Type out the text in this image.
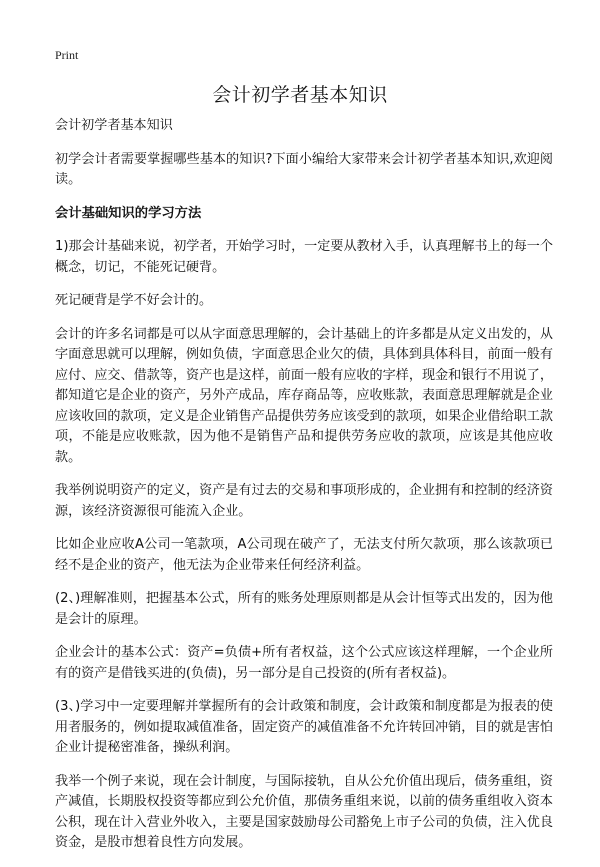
Print
会计初学者基本知识

会计初学者基本知识

初学会计者需要掌握哪些基本的知识?下面小编给大家带来会计初学者基本知识,欢迎阅读。

会计基础知识的学习方法

1)那会计基础来说，初学者，开始学习时，一定要从教材入手，认真理解书上的每一个概念，切记，不能死记硬背。

死记硬背是学不好会计的。

会计的许多名词都是可以从字面意思理解的，会计基础上的许多都是从定义出发的，从字面意思就可以理解，例如负债，字面意思企业欠的债，具体到具体科目，前面一般有应付、应交、借款等，资产也是这样，前面一般有应收的字样，现金和银行不用说了，都知道它是企业的资产，另外产成品，库存商品等，应收账款，表面意思理解就是企业应该收回的款项，定义是企业销售产品提供劳务应该受到的款项，如果企业借给职工款项，不能是应收账款，因为他不是销售产品和提供劳务应收的款项，应该是其他应收款。

我举例说明资产的定义，资产是有过去的交易和事项形成的，企业拥有和控制的经济资源，该经济资源很可能流入企业。

比如企业应收A公司一笔款项，A公司现在破产了，无法支付所欠款项，那么该款项已经不是企业的资产，他无法为企业带来任何经济利益。

(2、)理解准则，把握基本公式，所有的账务处理原则都是从会计恒等式出发的，因为他是会计的原理。

企业会计的基本公式：资产=负债+所有者权益，这个公式应该这样理解，一个企业所有的资产是借钱买进的(负债)，另一部分是自己投资的(所有者权益)。

(3、)学习中一定要理解并掌握所有的会计政策和制度，会计政策和制度都是为报表的使用者服务的，例如提取减值准备，固定资产的减值准备不允许转回冲销，目的就是害怕企业计提秘密准备，操纵利润。

我举一个例子来说，现在会计制度，与国际接轨，自从公允价值出现后，债务重组，资产减值，长期股权投资等都应到公允价值，那债务重组来说，以前的债务重组收入资本公积，现在计入营业外收入，主要是国家鼓励母公司豁免上市子公司的负债，注入优良资金，是股市想着良性方向发展。
